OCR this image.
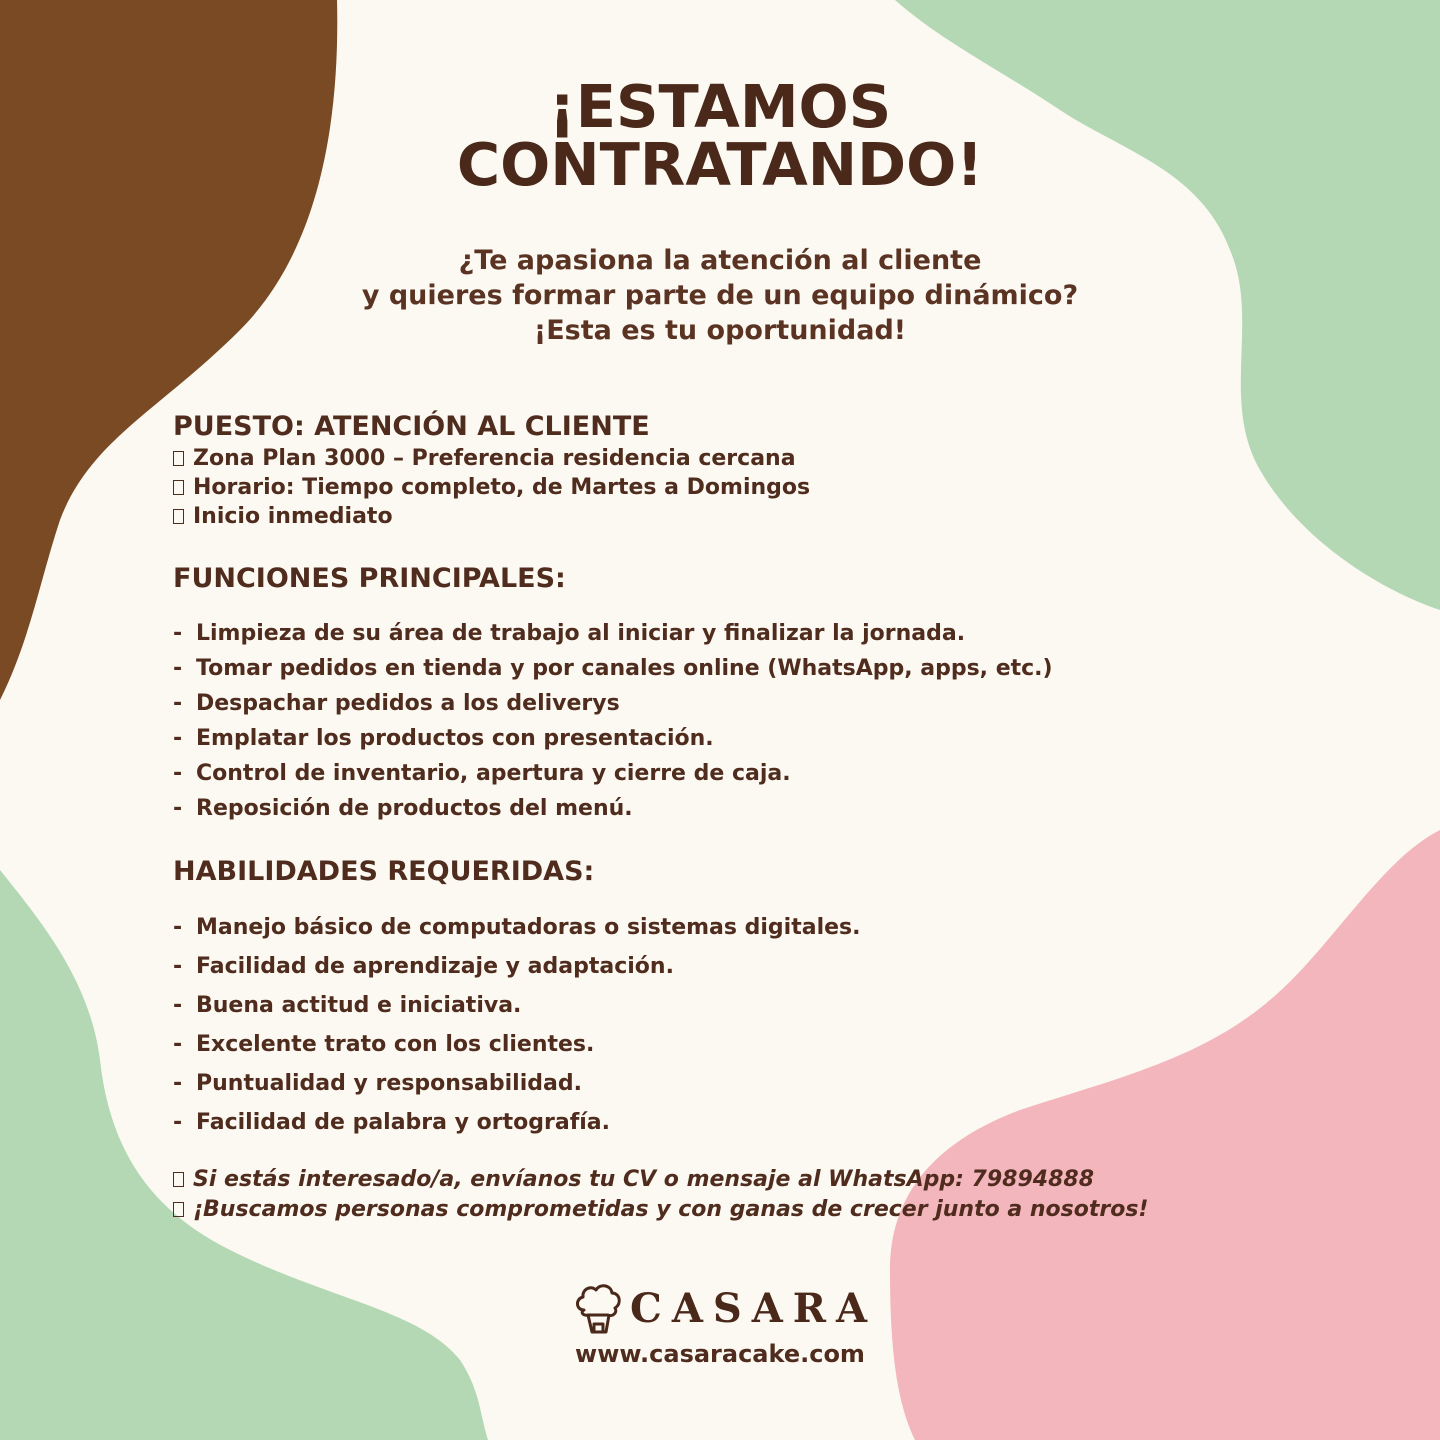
¡ESTAMOS
CONTRATANDO!
¿Te apasiona la atención al cliente
y quieres formar parte de un equipo dinámico?
¡Esta es tu oportunidad!
PUESTO: ATENCIÓN AL CLIENTE
Zona Plan 3000 – Preferencia residencia cercana
Horario: Tiempo completo, de Martes a Domingos
Inicio inmediato
FUNCIONES PRINCIPALES:
- Limpieza de su área de trabajo al iniciar y finalizar la jornada.
- Tomar pedidos en tienda y por canales online (WhatsApp, apps, etc.)
- Despachar pedidos a los deliverys
- Emplatar los productos con presentación.
- Control de inventario, apertura y cierre de caja.
- Reposición de productos del menú.
HABILIDADES REQUERIDAS:
- Manejo básico de computadoras o sistemas digitales.
- Facilidad de aprendizaje y adaptación.
- Buena actitud e iniciativa.
- Excelente trato con los clientes.
- Puntualidad y responsabilidad.
- Facilidad de palabra y ortografía.
Si estás interesado/a, envíanos tu CV o mensaje al WhatsApp: 79894888
¡Buscamos personas comprometidas y con ganas de crecer junto a nosotros!
CASARA
www.casaracake.com
